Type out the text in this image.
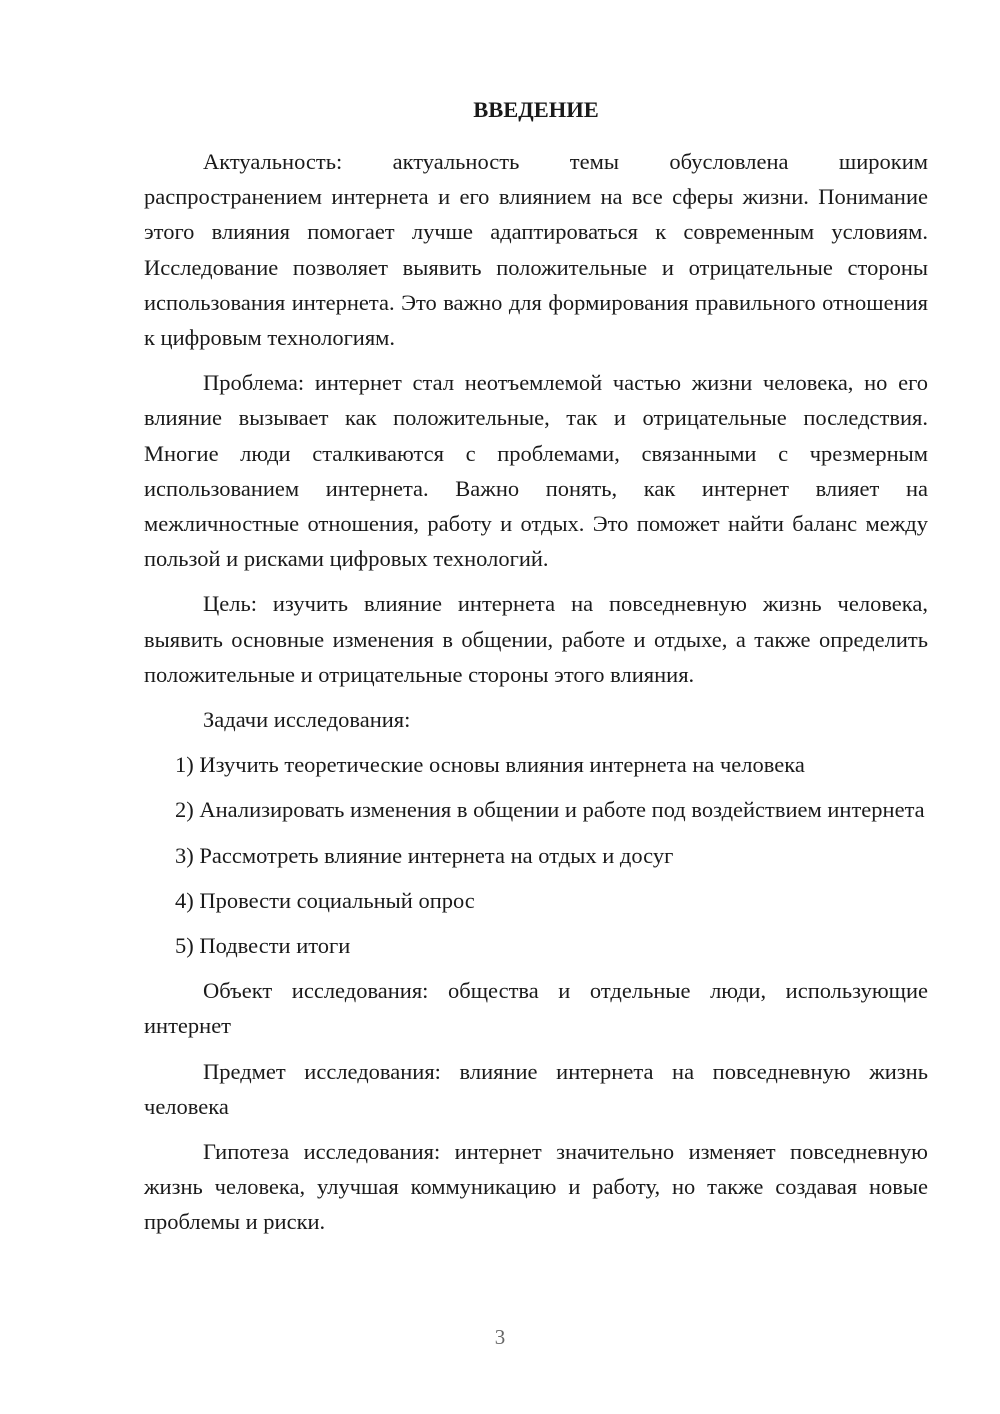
ВВЕДЕНИЕ

Актуальность: актуальность темы обусловлена широким распространением интернета и его влиянием на все сферы жизни. Понимание этого влияния помогает лучше адаптироваться к современным условиям. Исследование позволяет выявить положительные и отрицательные стороны использования интернета. Это важно для формирования правильного отношения к цифровым технологиям.

Проблема: интернет стал неотъемлемой частью жизни человека, но его влияние вызывает как положительные, так и отрицательные последствия. Многие люди сталкиваются с проблемами, связанными с чрезмерным использованием интернета. Важно понять, как интернет влияет на межличностные отношения, работу и отдых. Это поможет найти баланс между пользой и рисками цифровых технологий.

Цель: изучить влияние интернета на повседневную жизнь человека, выявить основные изменения в общении, работе и отдыхе, а также определить положительные и отрицательные стороны этого влияния.

Задачи исследования:

1) Изучить теоретические основы влияния интернета на человека

2) Анализировать изменения в общении и работе под воздействием интернета

3) Рассмотреть влияние интернета на отдых и досуг

4) Провести социальный опрос

5) Подвести итоги

Объект исследования: общества и отдельные люди, использующие интернет

Предмет исследования: влияние интернета на повседневную жизнь человека

Гипотеза исследования: интернет значительно изменяет повседневную жизнь человека, улучшая коммуникацию и работу, но также создавая новые проблемы и риски.

3
